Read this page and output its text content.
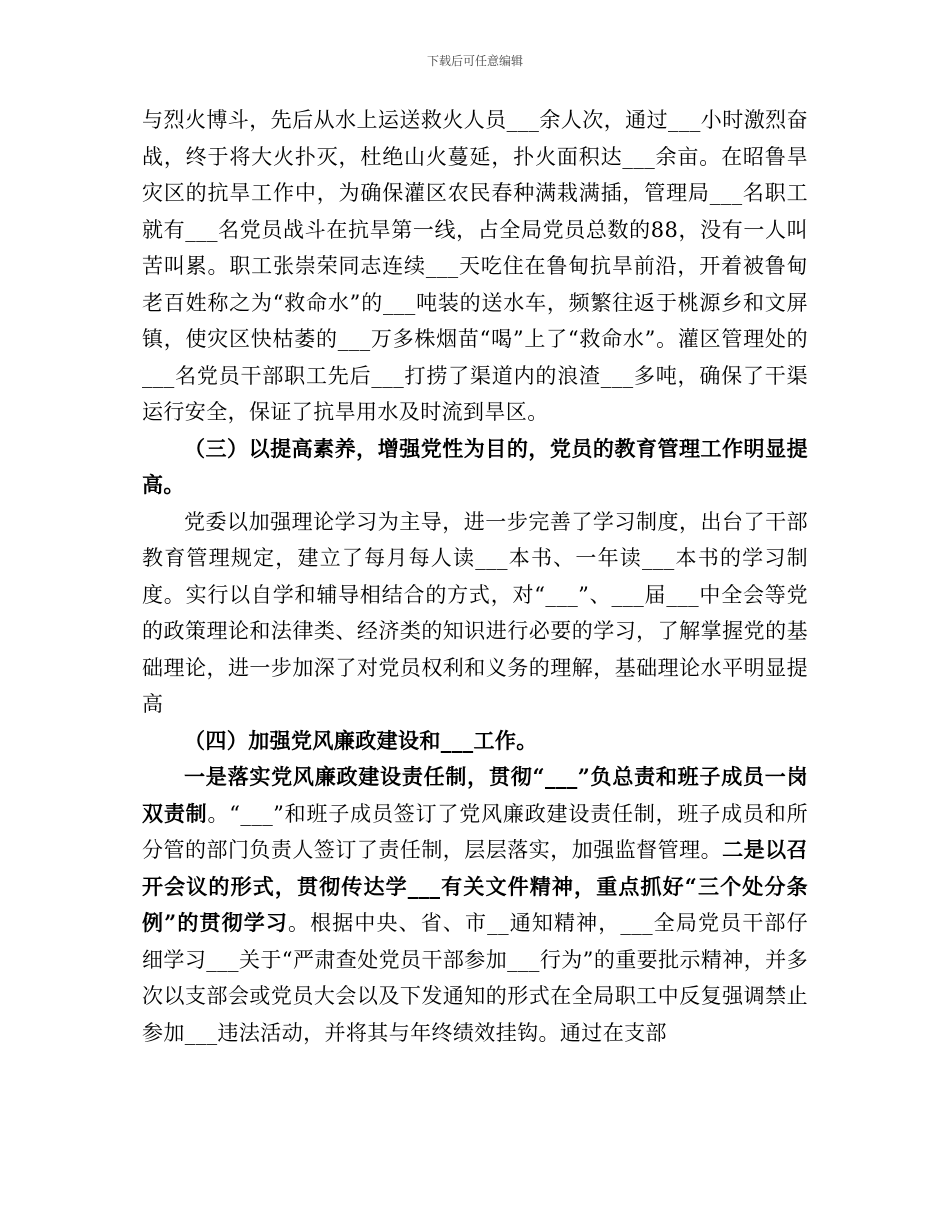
下载后可任意编辑

与烈火博斗，先后从水上运送救火人员___余人次，通过___小时激烈奋战，终于将大火扑灭，杜绝山火蔓延，扑火面积达___余亩。在昭鲁旱灾区的抗旱工作中，为确保灌区农民春种满栽满插，管理局___名职工就有___名党员战斗在抗旱第一线，占全局党员总数的88，没有一人叫苦叫累。职工张崇荣同志连续___天吃住在鲁甸抗旱前沿，开着被鲁甸老百姓称之为“救命水”的___吨装的送水车，频繁往返于桃源乡和文屏镇，使灾区快枯萎的___万多株烟苗“喝”上了“救命水”。灌区管理处的___名党员干部职工先后___打捞了渠道内的浪渣___多吨，确保了干渠运行安全，保证了抗旱用水及时流到旱区。

（三）以提高素养，增强党性为目的，党员的教育管理工作明显提高。

党委以加强理论学习为主导，进一步完善了学习制度，出台了干部教育管理规定，建立了每月每人读___本书、一年读___本书的学习制度。实行以自学和辅导相结合的方式，对“___”、___届___中全会等党的政策理论和法律类、经济类的知识进行必要的学习，了解掌握党的基础理论，进一步加深了对党员权利和义务的理解，基础理论水平明显提高

（四）加强党风廉政建设和___工作。

一是落实党风廉政建设责任制，贯彻“___”负总责和班子成员一岗双责制。“___”和班子成员签订了党风廉政建设责任制，班子成员和所分管的部门负责人签订了责任制，层层落实，加强监督管理。二是以召开会议的形式，贯彻传达学___有关文件精神，重点抓好“三个处分条例”的贯彻学习。根据中央、省、市__通知精神，___全局党员干部仔细学习___关于“严肃查处党员干部参加___行为”的重要批示精神，并多次以支部会或党员大会以及下发通知的形式在全局职工中反复强调禁止参加___违法活动，并将其与年终绩效挂钩。通过在支部
